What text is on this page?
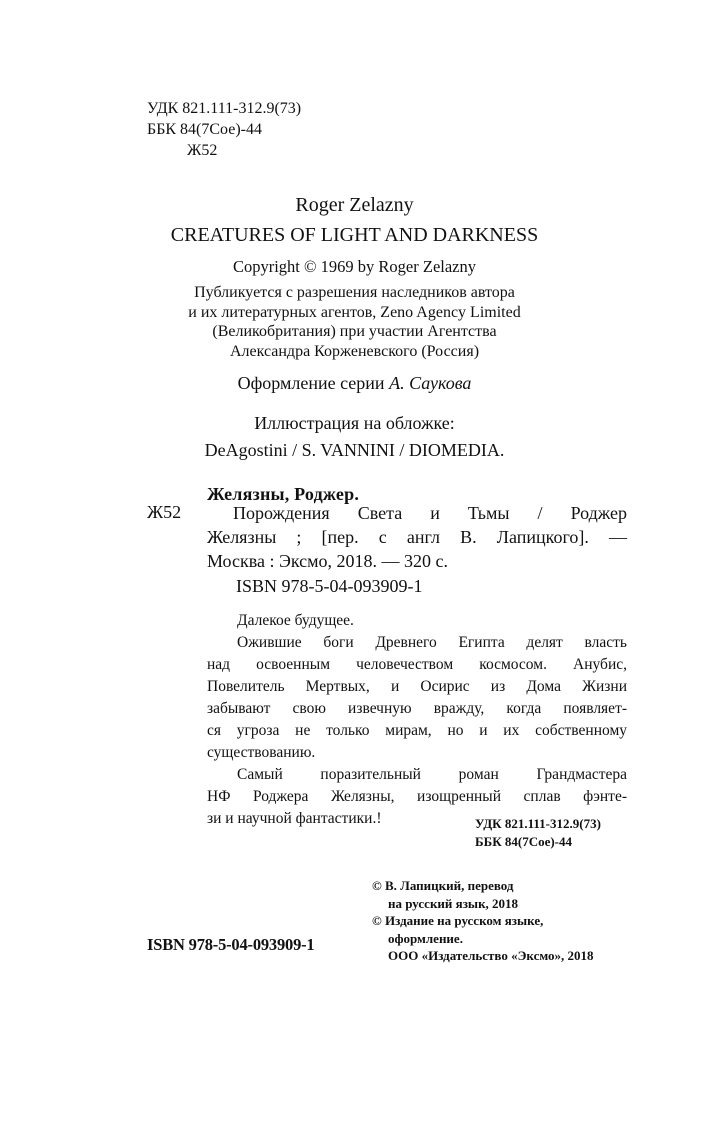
УДК 821.111-312.9(73)
ББК 84(7Сое)-44
Ж52
Roger Zelazny
CREATURES OF LIGHT AND DARKNESS
Copyright © 1969 by Roger Zelazny
Публикуется с разрешения наследников автора
и их литературных агентов, Zeno Agency Limited
(Великобритания) при участии Агентства
Александра Корженевского (Россия)
Оформление серии А. Саукова
Иллюстрация на обложке:
DeAgostini / S. VANNINI / DIOMEDIA.
Желязны, Роджер.
Ж52	Порождения Света и Тьмы / Роджер
Желязны ; [пер. с англ В. Лапицкого]. —
Москва : Эксмо, 2018. — 320 с.
ISBN 978-5-04-093909-1
Далекое будущее.
Ожившие боги Древнего Египта делят власть
над освоенным человечеством космосом. Анубис,
Повелитель Мертвых, и Осирис из Дома Жизни
забывают свою извечную вражду, когда появляет-
ся угроза не только мирам, но и их собственному
существованию.
Самый поразительный роман Грандмастера
НФ Роджера Желязны, изощренный сплав фэнте-
зи и научной фантастики.!	УДК 821.111-312.9(73)
ББК 84(7Сое)-44
ISBN 978-5-04-093909-1
© В. Лапицкий, перевод
на русский язык, 2018
© Издание на русском языке,
оформление.
ООО «Издательство «Эксмо», 2018
